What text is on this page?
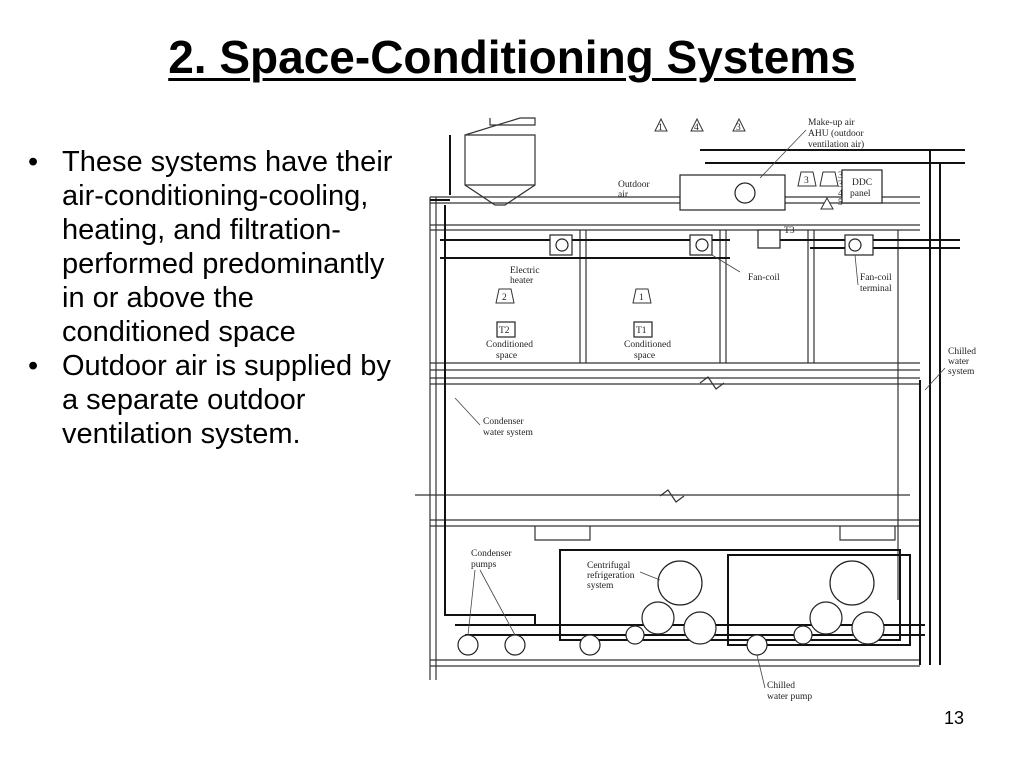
2. Space-Conditioning Systems
• These systems have their air-conditioning-cooling, heating, and filtration-performed predominantly in or above the conditioned space
• Outdoor air is supplied by a separate outdoor ventilation system.
1	4	3
3
2	1
3
3
4
5
Make-up air
AHU (outdoor
ventilation air)
Outdoor
air
DDC
panel
T3
Fan-coil	Fan-coil
terminal
Electric
heater
T2	T1
Conditioned
space
Conditioned
space	Chilled
water
system
Condenser
water system
Condenser
pumps	Centrifugal
refrigeration
system
Chilled
water pump
13
